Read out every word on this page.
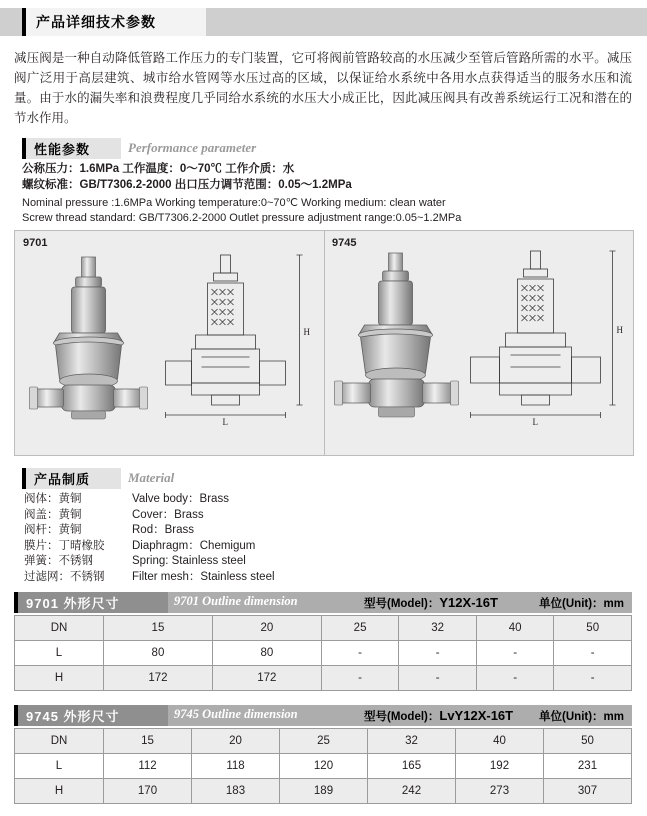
产品详细技术参数
减压阀是一种自动降低管路工作压力的专门装置，它可将阀前管路较高的水压减少至管后管路所需的水平。减压阀广泛用于高层建筑、城市给水管网等水压过高的区域，以保证给水系统中各用水点获得适当的服务水压和流量。由于水的漏失率和浪费程度几乎同给水系统的水压大小成正比，因此减压阀具有改善系统运行工况和潜在的节水作用。
性能参数	Performance parameter
公称压力：1.6MPa 工作温度：0～70℃ 工作介质：水
螺纹标准：GB/T7306.2-2000 出口压力调节范围：0.05～1.2MPa
Nominal pressure :1.6MPa Working temperature:0~70℃ Working medium: clean water
Screw thread standard: GB/T7306.2-2000 Outlet pressure adjustment range:0.05~1.2MPa
9701
H
L
9745
H
L
产品制质	Material
阀体：黄铜	Valve body：Brass
阀盖：黄铜	Cover：Brass
阀杆：黄铜	Rod：Brass
膜片：丁晴橡胶	Diaphragm：Chemigum
弹簧：不锈钢	Spring: Stainless steel
过滤网：不锈钢	Filter mesh：Stainless steel
9701 外形尺寸	9701 Outline dimension	型号(Model)：Y12X-16T	单位(Unit)：mm
DN	15	20	25	32	40	50
L	80	80	-	-	-	-
H	172	172	-	-	-	-
9745 外形尺寸	9745 Outline dimension	型号(Model)：LvY12X-16T 单位(Unit)：mm
DN	15	20	25	32	40	50
L	112	118	120	165	192	231
H	170	183	189	242	273	307
